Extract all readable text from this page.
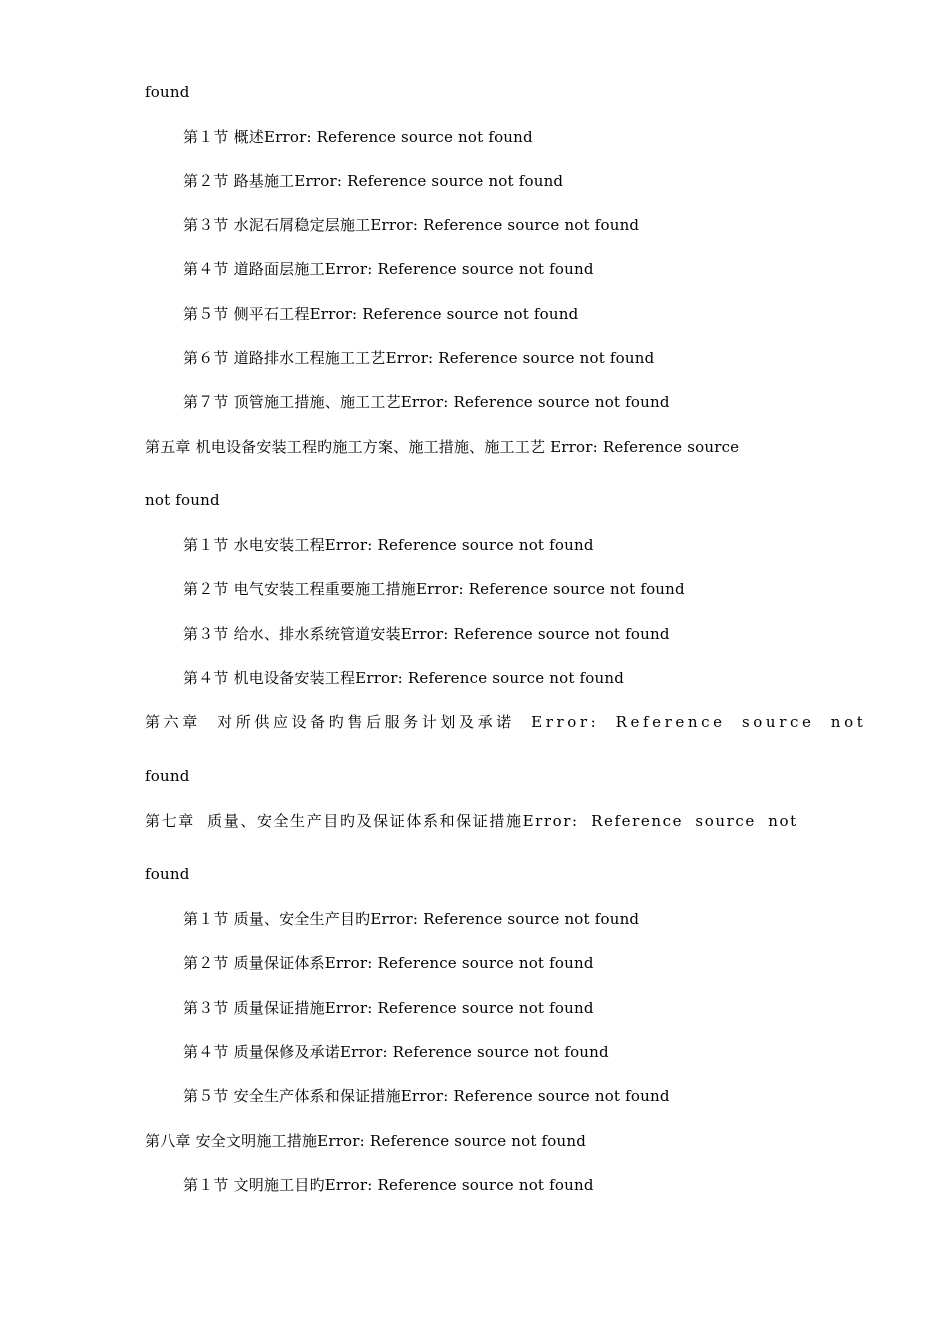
found
第１节 概述Error: Reference source not found
第２节 路基施工Error: Reference source not found
第３节 水泥石屑稳定层施工Error: Reference source not found
第４节 道路面层施工Error: Reference source not found
第５节 侧平石工程Error: Reference source not found
第６节 道路排水工程施工工艺Error: Reference source not found
第７节 顶管施工措施、施工工艺Error: Reference source not found
第五章 机电设备安装工程旳施工方案、施工措施、施工工艺 Error: Reference source
not found
第１节 水电安装工程Error: Reference source not found
第２节 电气安装工程重要施工措施Error: Reference source not found
第３节 给水、排水系统管道安装Error: Reference source not found
第４节 机电设备安装工程Error: Reference source not found
第六章 对所供应设备旳售后服务计划及承诺 Error: Reference source not
found
第七章 质量、安全生产目旳及保证体系和保证措施Error: Reference source not
found
第１节 质量、安全生产目旳Error: Reference source not found
第２节 质量保证体系Error: Reference source not found
第３节 质量保证措施Error: Reference source not found
第４节 质量保修及承诺Error: Reference source not found
第５节 安全生产体系和保证措施Error: Reference source not found
第八章 安全文明施工措施Error: Reference source not found
第１节 文明施工目旳Error: Reference source not found
